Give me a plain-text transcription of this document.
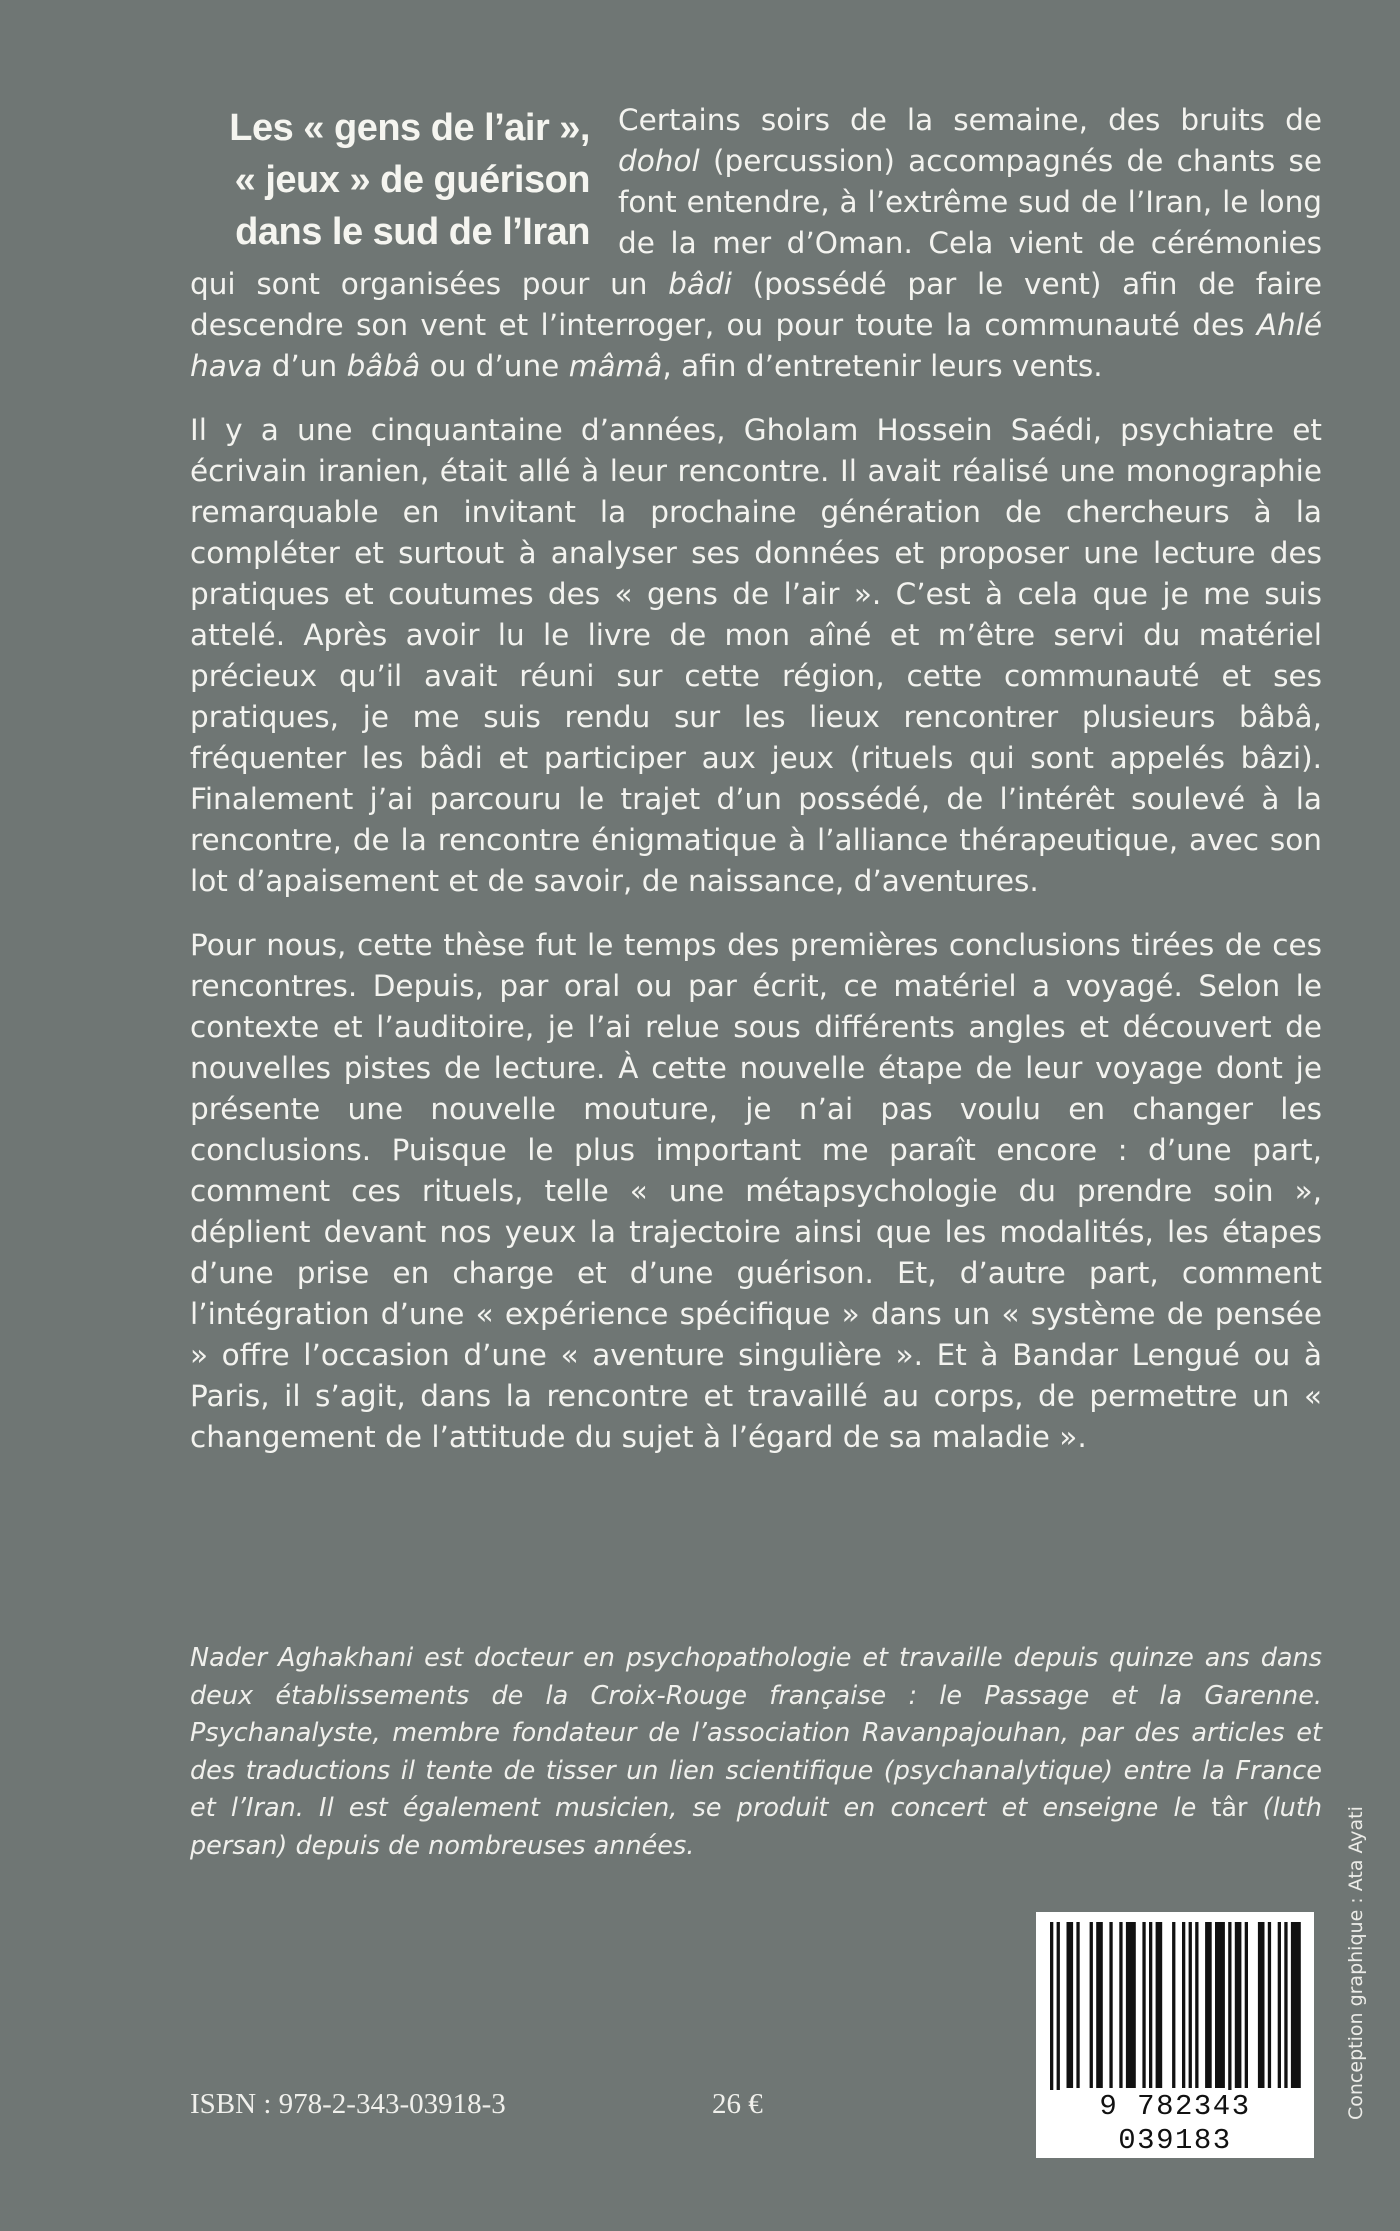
Les « gens de l’air »,
« jeux » de guérison
dans le sud de l’Iran

Certains soirs de la semaine, des bruits de dohol (percussion) accompagnés de chants se font entendre, à l’extrême sud de l’Iran, le long de la mer d’Oman. Cela vient de cérémonies qui sont organisées pour un bâdi (possédé par le vent) afin de faire descendre son vent et l’interroger, ou pour toute la communauté des Ahlé hava d’un bâbâ ou d’une mâmâ, afin d’entretenir leurs vents.

Il y a une cinquantaine d’années, Gholam Hossein Saédi, psychiatre et écrivain iranien, était allé à leur rencontre. Il avait réalisé une monographie remarquable en invitant la prochaine génération de chercheurs à la compléter et surtout à analyser ses données et proposer une lecture des pratiques et coutumes des « gens de l’air ». C’est à cela que je me suis attelé. Après avoir lu le livre de mon aîné et m’être servi du matériel précieux qu’il avait réuni sur cette région, cette communauté et ses pratiques, je me suis rendu sur les lieux rencontrer plusieurs bâbâ, fréquenter les bâdi et participer aux jeux (rituels qui sont appelés bâzi). Finalement j’ai parcouru le trajet d’un possédé, de l’intérêt soulevé à la rencontre, de la rencontre énigmatique à l’alliance thérapeutique, avec son lot d’apaisement et de savoir, de naissance, d’aventures.

Pour nous, cette thèse fut le temps des premières conclusions tirées de ces rencontres. Depuis, par oral ou par écrit, ce matériel a voyagé. Selon le contexte et l’auditoire, je l’ai relue sous différents angles et découvert de nouvelles pistes de lecture. À cette nouvelle étape de leur voyage dont je présente une nouvelle mouture, je n’ai pas voulu en changer les conclusions. Puisque le plus important me paraît encore : d’une part, comment ces rituels, telle « une métapsychologie du prendre soin », déplient devant nos yeux la trajectoire ainsi que les modalités, les étapes d’une prise en charge et d’une guérison. Et, d’autre part, comment l’intégration d’une « expérience spécifique » dans un « système de pensée » offre l’occasion d’une « aventure singulière ». Et à Bandar Lengué ou à Paris, il s’agit, dans la rencontre et travaillé au corps, de permettre un « changement de l’attitude du sujet à l’égard de sa maladie ».

Nader Aghakhani est docteur en psychopathologie et travaille depuis quinze ans dans deux établissements de la Croix-Rouge française : le Passage et la Garenne. Psychanalyste, membre fondateur de l’association Ravanpajouhan, par des articles et des traductions il tente de tisser un lien scientifique (psychanalytique) entre la France et l’Iran. Il est également musicien, se produit en concert et enseigne le târ (luth persan) depuis de nombreuses années.	Conception graphique : Ata Ayati
ISBN : 978-2-343-03918-3	26 €	9 782343 039183
